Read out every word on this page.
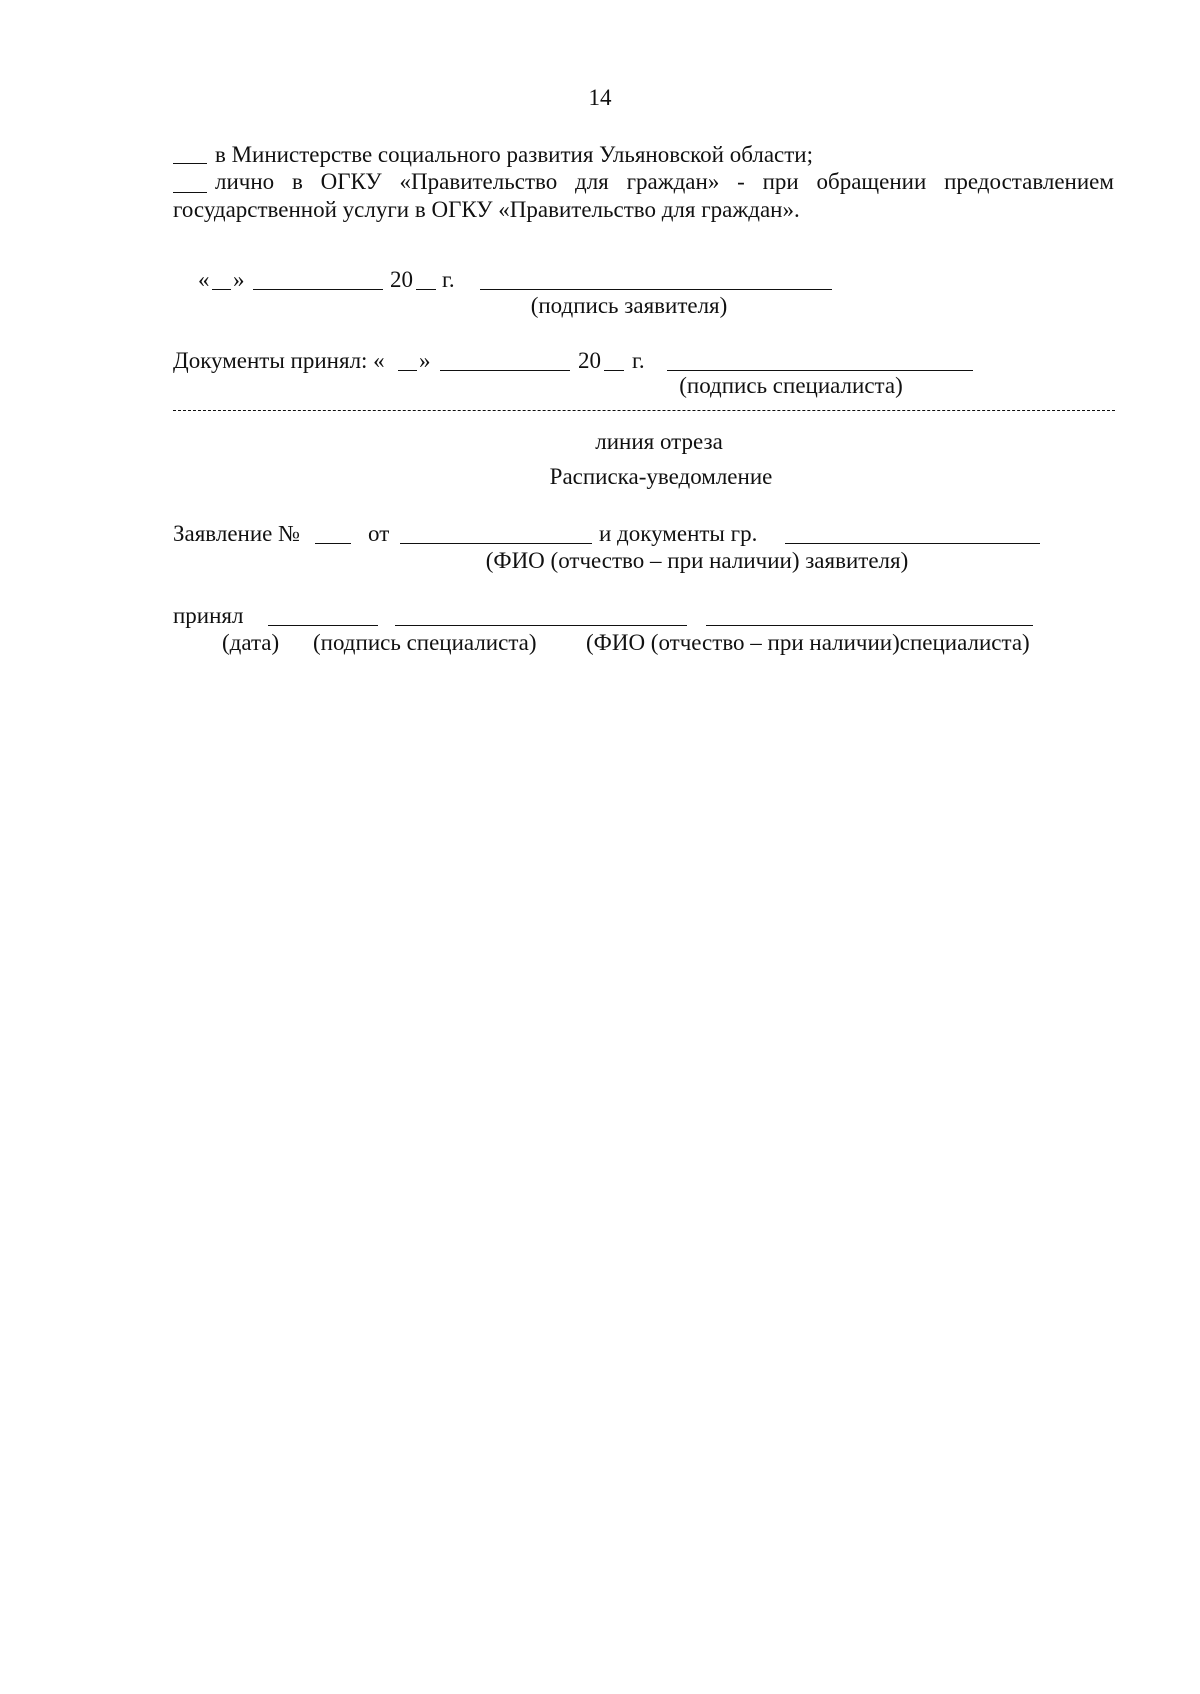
14
в Министерстве социального развития Ульяновской области;
лично в ОГКУ «Правительство для граждан» - при обращении предоставлением
государственной услуги в ОГКУ «Правительство для граждан».
« »	20 г.
(подпись заявителя)
Документы принял: « »	20 г.
(подпись специалиста)
линия отреза
Расписка-уведомление
Заявление №	от	и документы гр.
(ФИО (отчество – при наличии) заявителя)
принял
(дата) (подпись специалиста) (ФИО (отчество – при наличии)специалиста)
